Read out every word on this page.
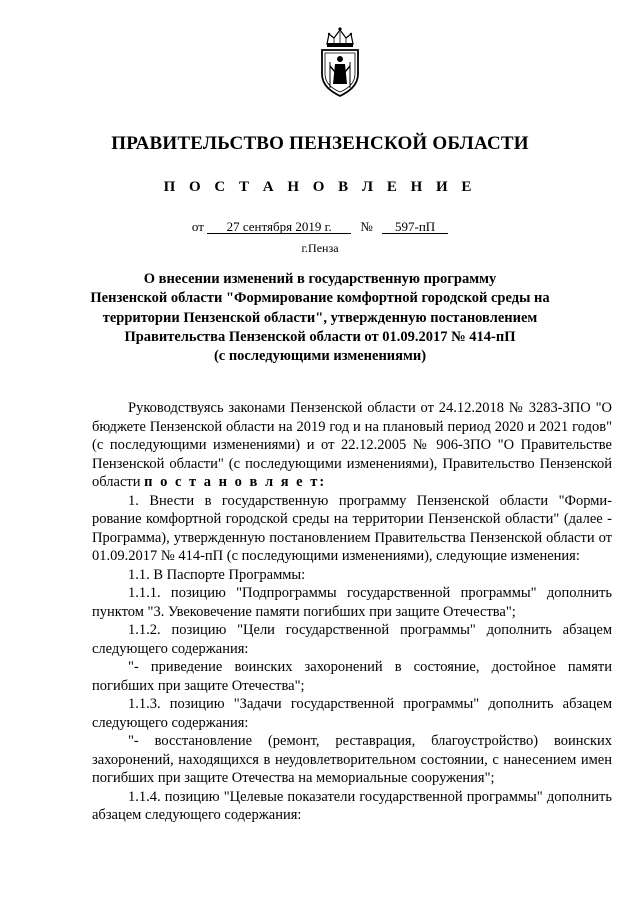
ПРАВИТЕЛЬСТВО ПЕНЗЕНСКОЙ ОБЛАСТИ
П О С Т А Н О В Л Е Н И Е
от 27 сентября 2019 г. № 597-пП
г.Пенза
О внесении изменений в государственную программу
Пензенской области "Формирование комфортной городской среды на
территории Пензенской области", утвержденную постановлением
Правительства Пензенской области от 01.09.2017 № 414-пП
(с последующими изменениями)

Руководствуясь законами Пензенской области от 24.12.2018 № 3283-ЗПО "О бюджете Пензенской области на 2019 год и на плановый период 2020 и 2021 годов" (с последующими изменениями) и от 22.12.2005 № 906-ЗПО "О Правительстве Пензенской области" (с последующими изменениями), Правительство Пензенской области п о с т а н о в л я е т:

1. Внести в государственную программу Пензенской области "Форми-рование комфортной городской среды на территории Пензенской области" (далее - Программа), утвержденную постановлением Правительства Пензенской области от 01.09.2017 № 414-пП (с последующими изменениями), следующие изменения:

1.1. В Паспорте Программы:

1.1.1. позицию "Подпрограммы государственной программы" дополнить пунктом "3. Увековечение памяти погибших при защите Отечества";

1.1.2. позицию "Цели государственной программы" дополнить абзацем следующего содержания:

"- приведение воинских захоронений в состояние, достойное памяти погибших при защите Отечества";

1.1.3. позицию "Задачи государственной программы" дополнить абзацем следующего содержания:

"- восстановление (ремонт, реставрация, благоустройство) воинских захоронений, находящихся в неудовлетворительном состоянии, с нанесением имен погибших при защите Отечества на мемориальные сооружения";

1.1.4. позицию "Целевые показатели государственной программы" дополнить абзацем следующего содержания:
